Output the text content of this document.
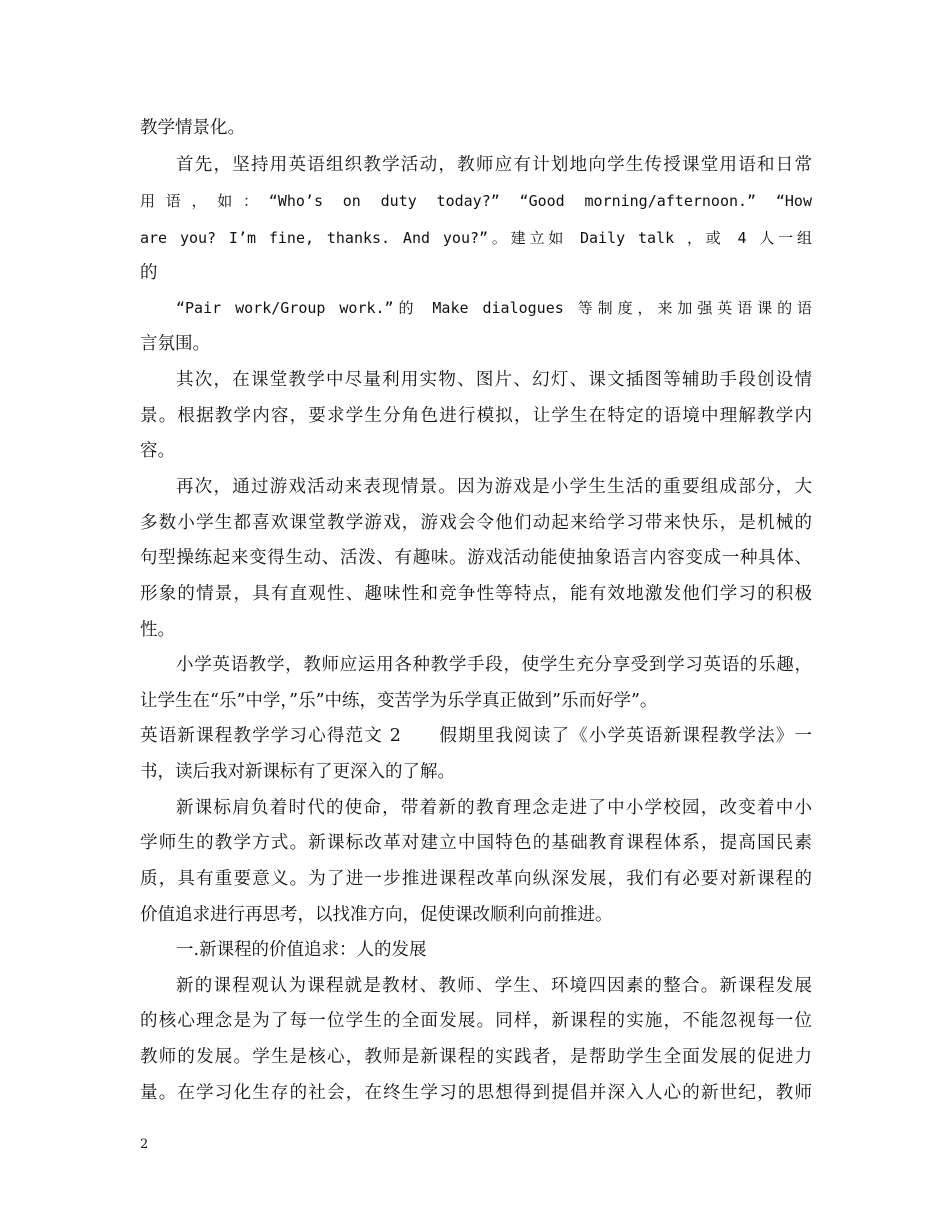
教学情景化。
首先，坚持用英语组织教学活动，教师应有计划地向学生传授课堂用语和日常
用语，如：“Who’s on duty today?” “Good morning/afternoon.” “How
are you? I’m fine, thanks. And you?”。建立如 Daily talk ，或 4 人一组
的
“Pair work/Group work.”的 Make dialogues 等制度，来加强英语课的语
言氛围。
其次，在课堂教学中尽量利用实物、图片、幻灯、课文插图等辅助手段创设情
景。根据教学内容，要求学生分角色进行模拟，让学生在特定的语境中理解教学内
容。
再次，通过游戏活动来表现情景。因为游戏是小学生生活的重要组成部分，大
多数小学生都喜欢课堂教学游戏，游戏会令他们动起来给学习带来快乐，是机械的
句型操练起来变得生动、活泼、有趣味。游戏活动能使抽象语言内容变成一种具体、
形象的情景，具有直观性、趣味性和竞争性等特点，能有效地激发他们学习的积极
性。
小学英语教学，教师应运用各种教学手段，使学生充分享受到学习英语的乐趣，
让学生在“乐”中学，”乐”中练，变苦学为乐学真正做到”乐而好学”。
英语新课程教学学习心得范文 2　　假期里我阅读了《小学英语新课程教学法》一
书，读后我对新课标有了更深入的了解。
新课标肩负着时代的使命，带着新的教育理念走进了中小学校园，改变着中小
学师生的教学方式。新课标改革对建立中国特色的基础教育课程体系，提高国民素
质，具有重要意义。为了进一步推进课程改革向纵深发展，我们有必要对新课程的
价值追求进行再思考，以找准方向，促使课改顺利向前推进。
一.新课程的价值追求：人的发展
新的课程观认为课程就是教材、教师、学生、环境四因素的整合。新课程发展
的核心理念是为了每一位学生的全面发展。同样，新课程的实施，不能忽视每一位
教师的发展。学生是核心，教师是新课程的实践者，是帮助学生全面发展的促进力
量。在学习化生存的社会，在终生学习的思想得到提倡并深入人心的新世纪，教师
2
